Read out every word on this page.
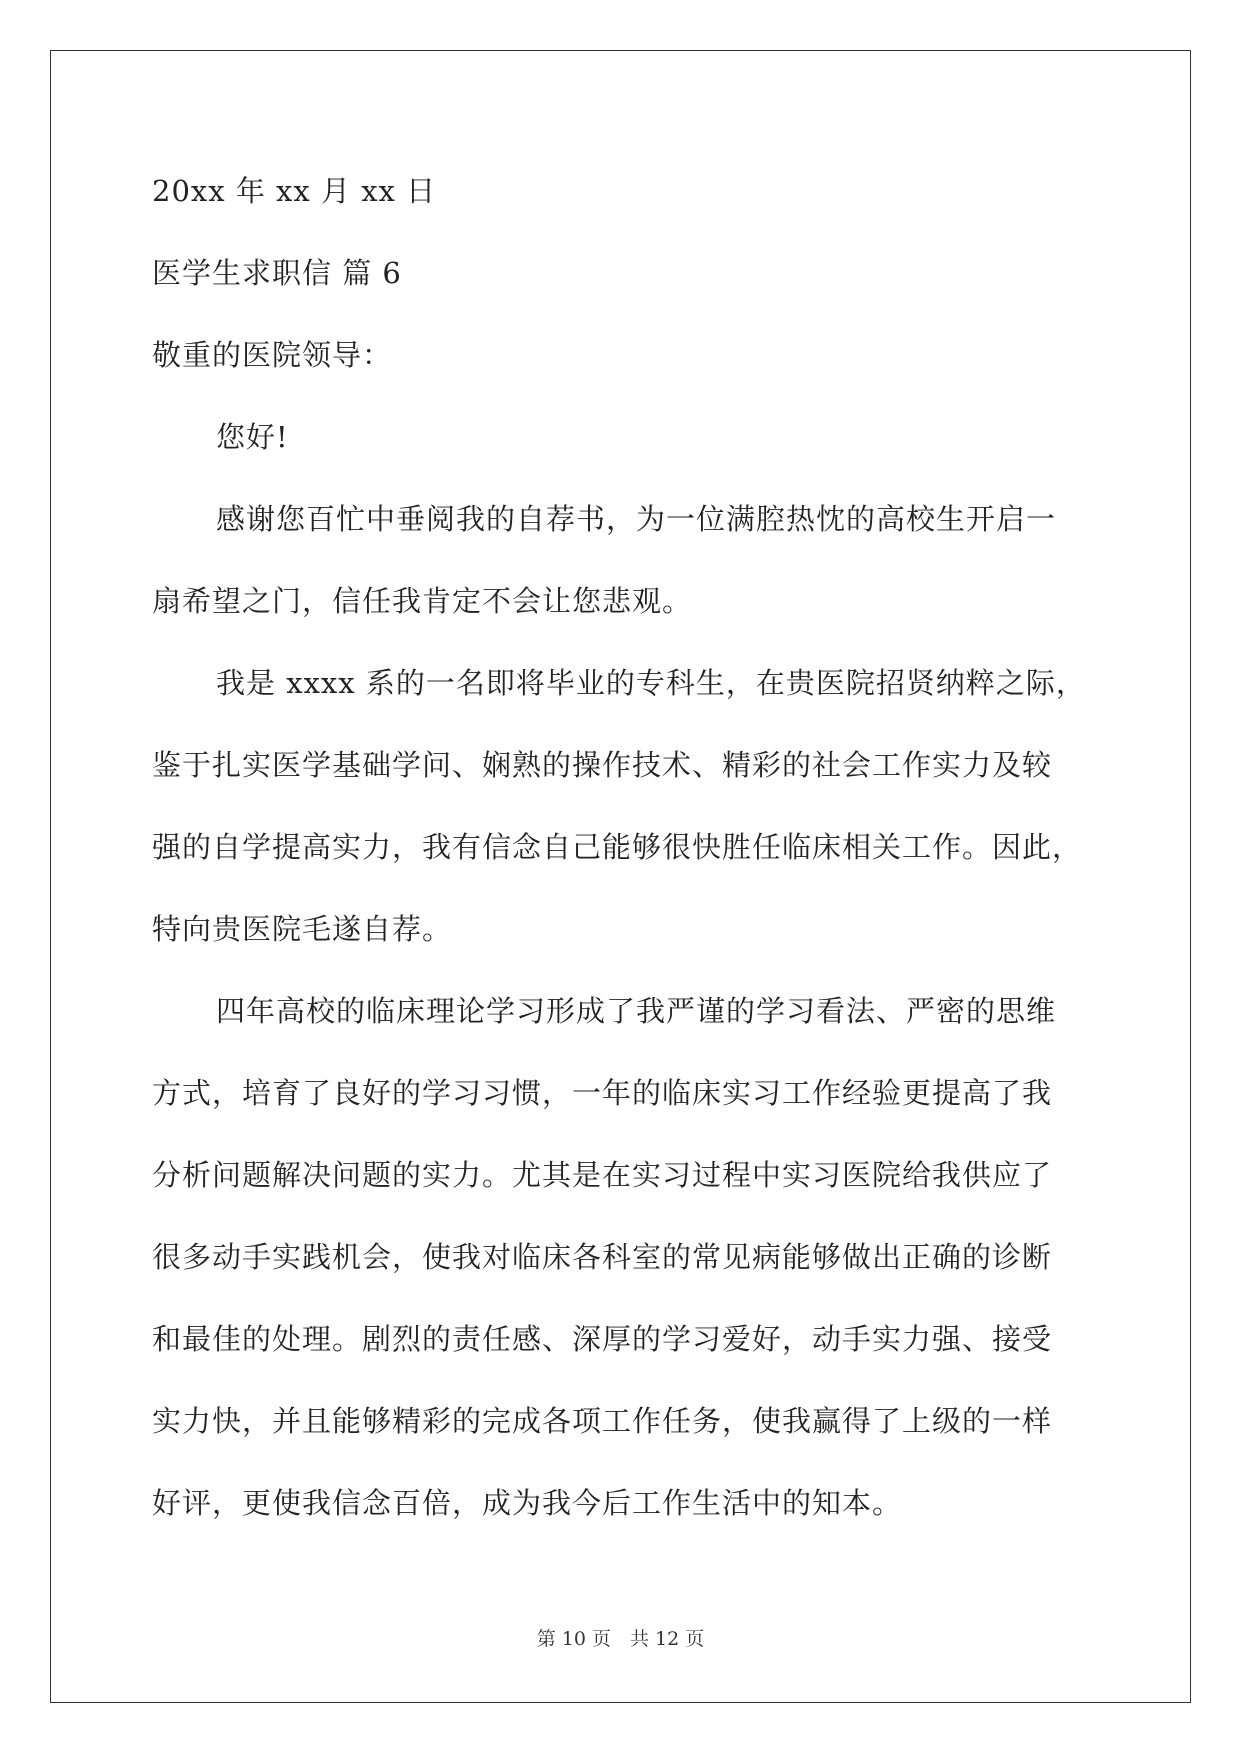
20xx 年 xx 月 xx 日

医学生求职信 篇 6

敬重的医院领导：

您好!

感谢您百忙中垂阅我的自荐书，为一位满腔热忱的高校生开启一

扇希望之门，信任我肯定不会让您悲观。

我是 xxxx 系的一名即将毕业的专科生，在贵医院招贤纳粹之际，

鉴于扎实医学基础学问、娴熟的操作技术、精彩的社会工作实力及较

强的自学提高实力，我有信念自己能够很快胜任临床相关工作。因此，

特向贵医院毛遂自荐。

四年高校的临床理论学习形成了我严谨的学习看法、严密的思维

方式，培育了良好的学习习惯，一年的临床实习工作经验更提高了我

分析问题解决问题的实力。尤其是在实习过程中实习医院给我供应了

很多动手实践机会，使我对临床各科室的常见病能够做出正确的诊断

和最佳的处理。剧烈的责任感、深厚的学习爱好，动手实力强、接受

实力快，并且能够精彩的完成各项工作任务，使我赢得了上级的一样

好评，更使我信念百倍，成为我今后工作生活中的知本。

第 10 页　共 12 页
